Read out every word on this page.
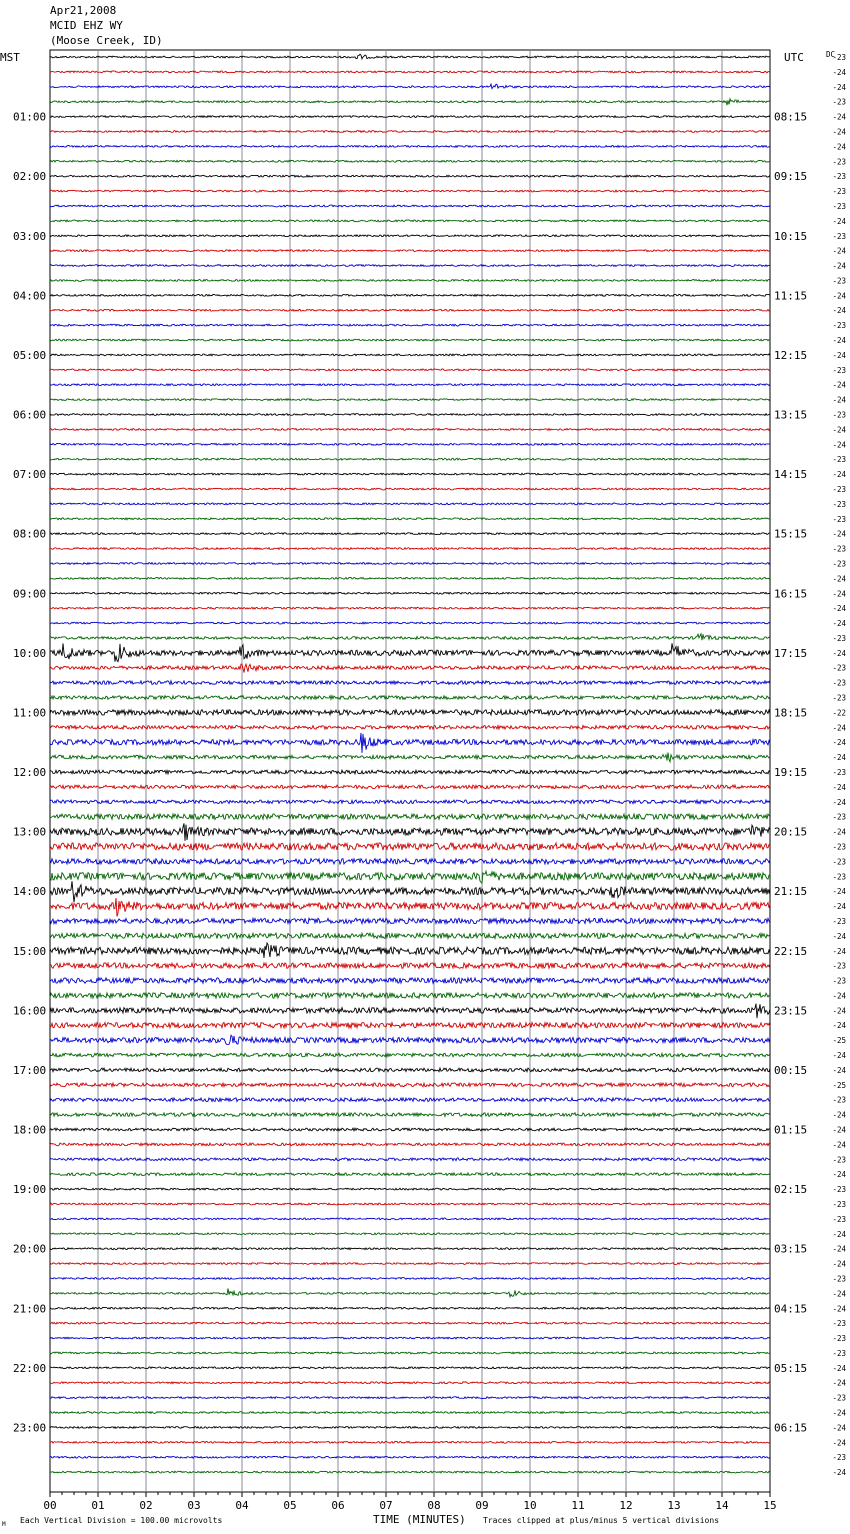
-23
-24
-24
-23
-24
-24
-24
-23
-23
-23
-23
-24
-23
-24
-24
-23
-24
-24
-23
-24
-24
-23
-24
-24
-23
-24
-24
-23
-24
-23
-23
-23
-24
-23
-23
-24
-24
-24
-24
-23
-24
-23
-23
-23
-22
-24
-24
-24
-23
-24
-24
-23
-24
-23
-23
-23
-24
-24
-23
-24
-24
-23
-23
-24
-24
-24
-25
-24
-24
-25
-23
-24
-24
-24
-23
-24
-23
-23
-23
-24
-24
-24
-23
-24
-24
-23
-23
-23
-24
-24
-23
-24
-24
-24
-23
-24
MST	UTC	DC
01:00
02:00
03:00
04:00
05:00
06:00
07:00
08:00
09:00
10:00
11:00
12:00
13:00
14:00
15:00
16:00
17:00
18:00
19:00
20:00
21:00
22:00
23:00
08:15
09:15
10:15
11:15
12:15
13:15
14:15
15:15
16:15
17:15
18:15
19:15
20:15
21:15
22:15
23:15
00:15
01:15
02:15
03:15
04:15
05:15
06:15
00	01	02	03	04	05	06	07	08	09	10	11	12	13	14	15
TIME (MINUTES)
Each Vertical Division = 100.00 microvolts	Traces clipped at plus/minus 5 vertical divisions
M
Apr21,2008
MCID EHZ WY
(Moose Creek, ID)
